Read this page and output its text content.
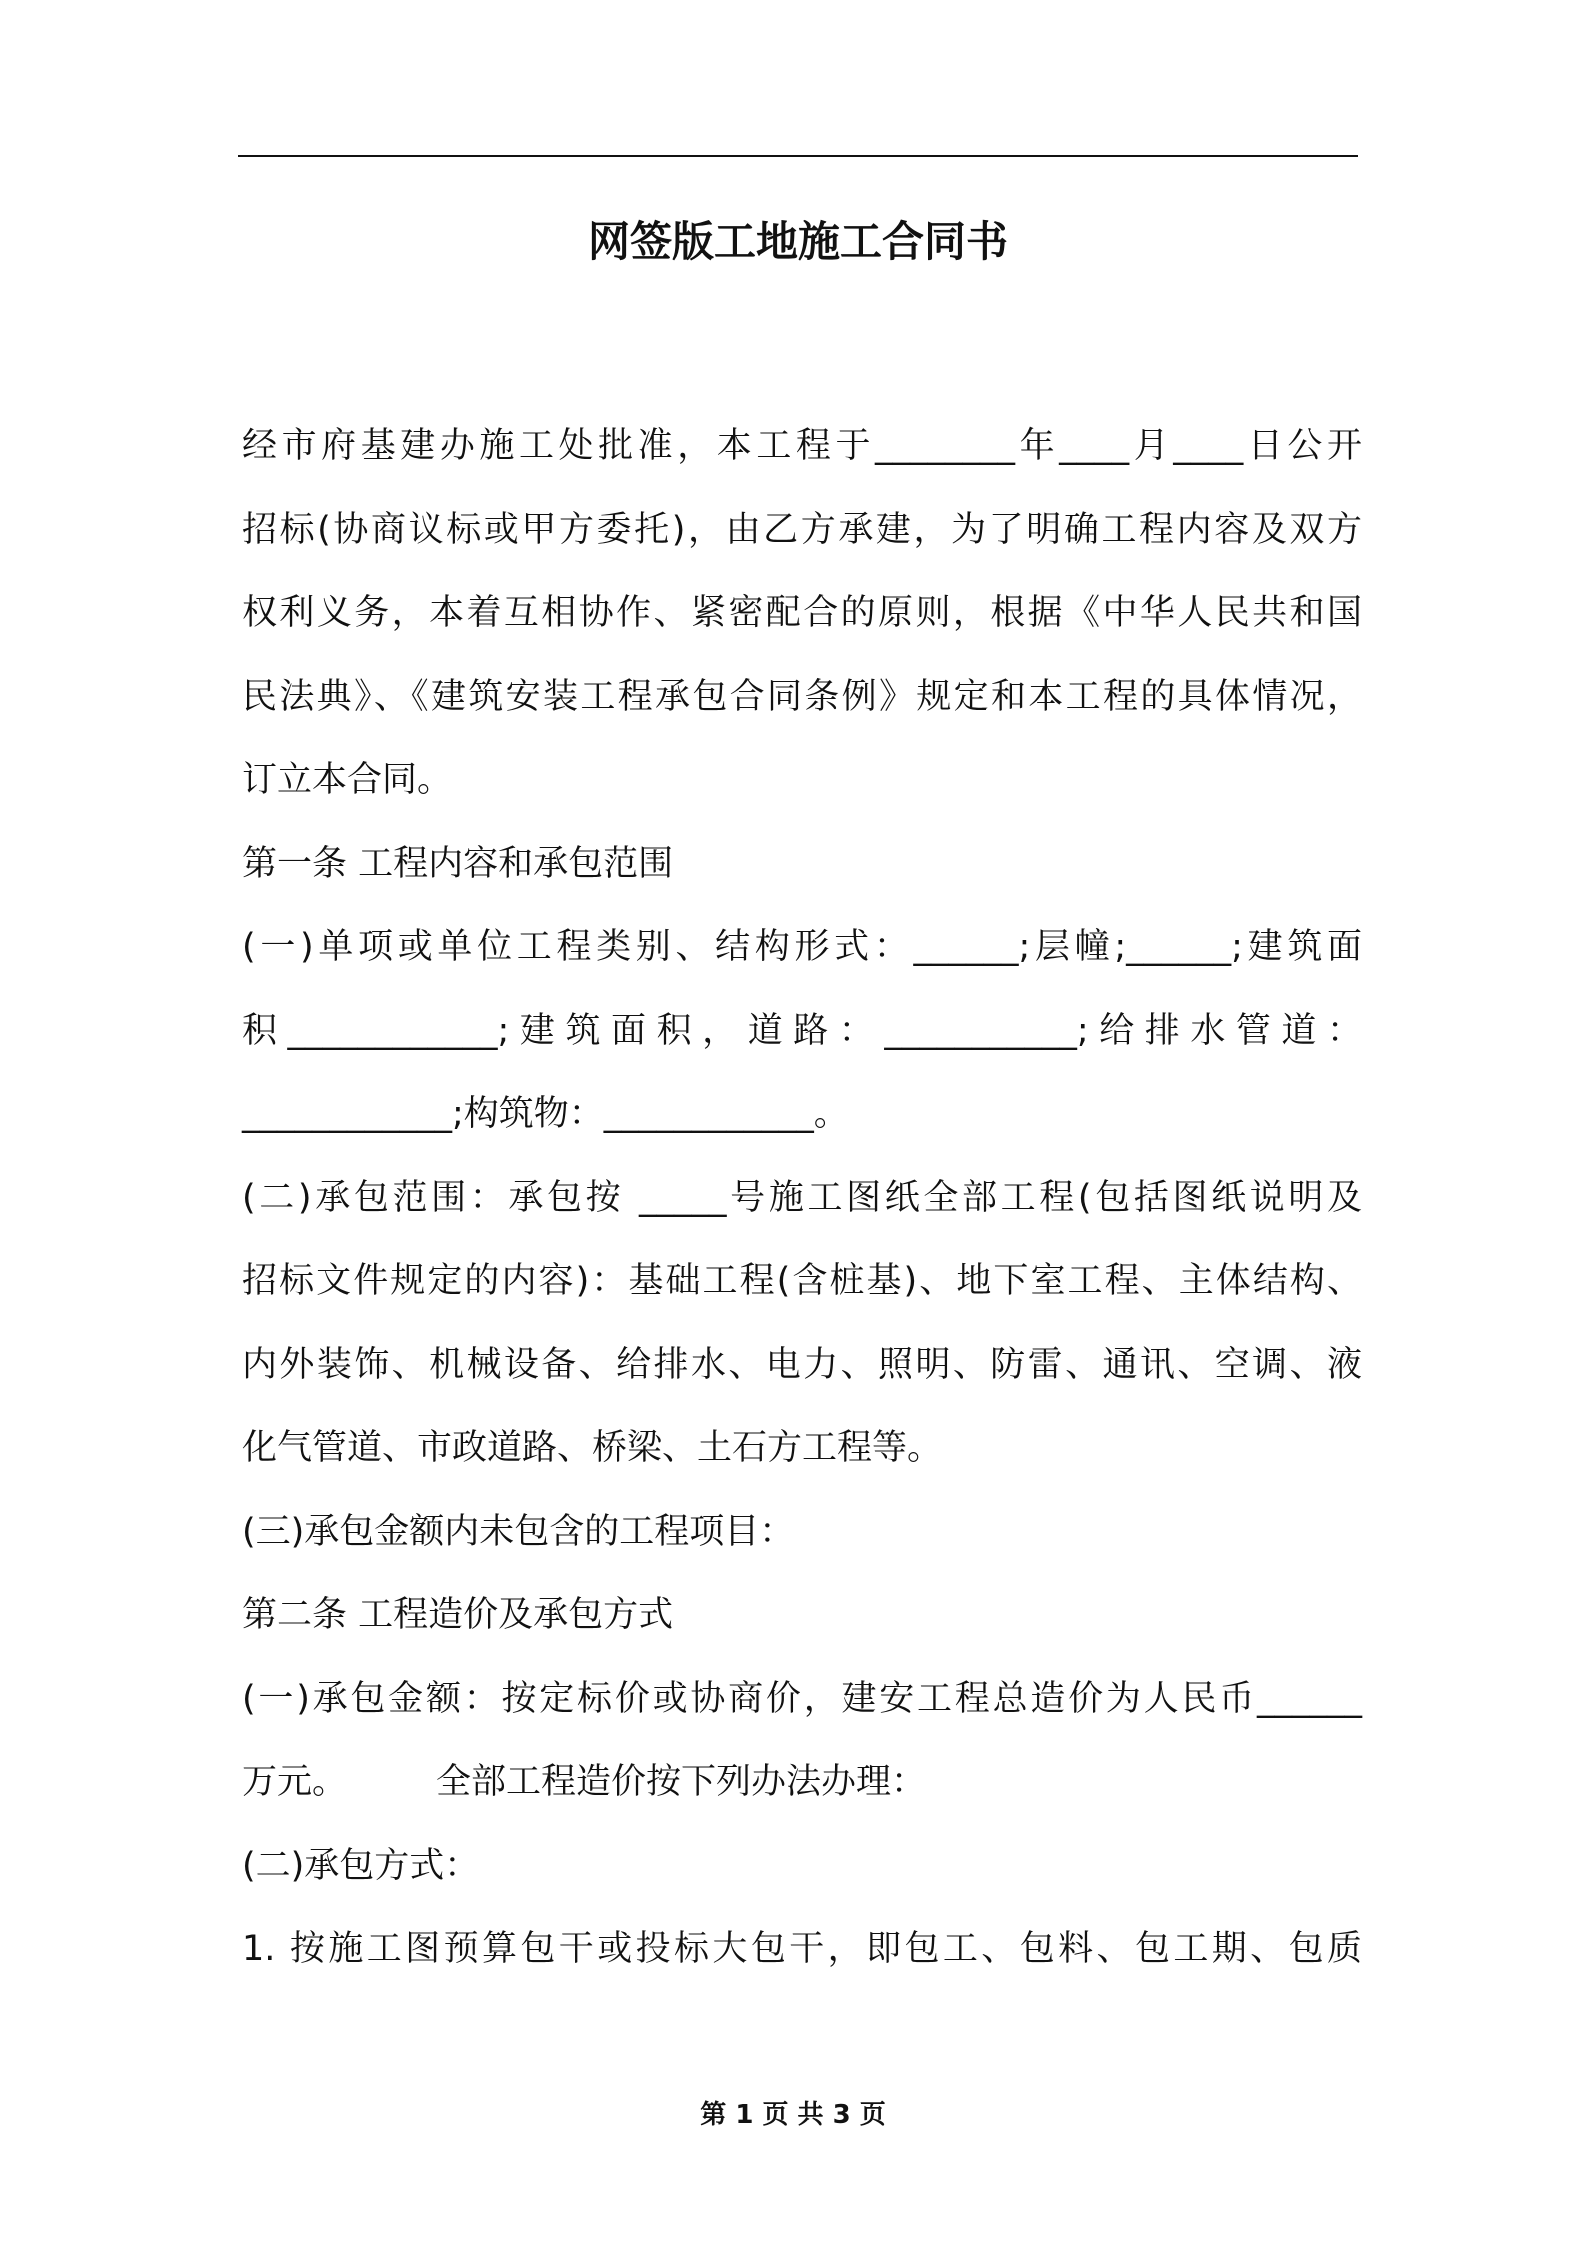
网签版工地施工合同书
经市府基建办施工处批准，本工程于________年____月____日公开
招标(协商议标或甲方委托)，由乙方承建，为了明确工程内容及双方
权利义务，本着互相协作、紧密配合的原则，根据《中华人民共和国
民法典》、《建筑安装工程承包合同条例》规定和本工程的具体情况，
订立本合同。
第一条 工程内容和承包范围
(一)单项或单位工程类别、结构形式：______;层幢;______;建筑面
积____________;建筑面积，道路：___________;给排水管道：
____________;构筑物：____________。
(二)承包范围：承包按 _____号施工图纸全部工程(包括图纸说明及
招标文件规定的内容)：基础工程(含桩基)、地下室工程、主体结构、
内外装饰、机械设备、给排水、电力、照明、防雷、通讯、空调、液
化气管道、市政道路、桥梁、土石方工程等。
(三)承包金额内未包含的工程项目：
第二条 工程造价及承包方式
(一)承包金额：按定标价或协商价，建安工程总造价为人民币______
万元。        全部工程造价按下列办法办理：
(二)承包方式：
1. 按施工图预算包干或投标大包干，即包工、包料、包工期、包质
第 1 页 共 3 页
